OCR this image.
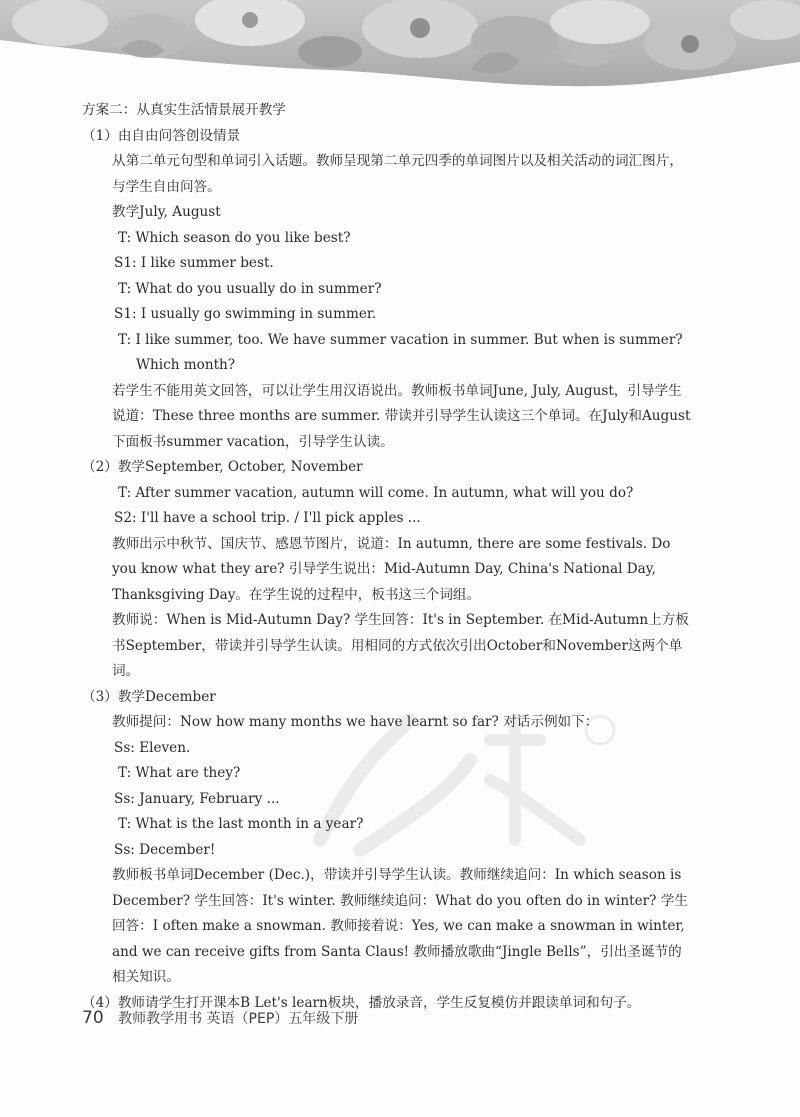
方案二：从真实生活情景展开教学

（1）由自由问答创设情景

从第二单元句型和单词引入话题。教师呈现第二单元四季的单词图片以及相关活动的词汇图片，与学生自由问答。

教学July, August

T: Which season do you like best?

S1: I like summer best.

T: What do you usually do in summer?

S1: I usually go swimming in summer.

T: I like summer, too. We have summer vacation in summer. But when is summer? Which month?

若学生不能用英文回答，可以让学生用汉语说出。教师板书单词June, July, August，引导学生说道：These three months are summer. 带读并引导学生认读这三个单词。在July和August下面板书summer vacation，引导学生认读。

（2）教学September, October, November

T: After summer vacation, autumn will come. In autumn, what will you do?

S2: I'll have a school trip. / I'll pick apples ...

教师出示中秋节、国庆节、感恩节图片，说道：In autumn, there are some festivals. Do you know what they are? 引导学生说出：Mid-Autumn Day, China's National Day, Thanksgiving Day。在学生说的过程中，板书这三个词组。

教师说：When is Mid-Autumn Day? 学生回答：It's in September. 在Mid-Autumn上方板书September，带读并引导学生认读。用相同的方式依次引出October和November这两个单词。

（3）教学December

教师提问：Now how many months we have learnt so far? 对话示例如下：

Ss: Eleven.

T: What are they?

Ss: January, February ...

T: What is the last month in a year?

Ss: December!

教师板书单词December (Dec.)，带读并引导学生认读。教师继续追问：In which season is December? 学生回答：It's winter. 教师继续追问：What do you often do in winter? 学生回答：I often make a snowman. 教师接着说：Yes, we can make a snowman in winter, and we can receive gifts from Santa Claus! 教师播放歌曲“Jingle Bells”，引出圣诞节的相关知识。

（4）教师请学生打开课本B Let's learn板块，播放录音，学生反复模仿并跟读单词和句子。

70 教师教学用书 英语（PEP）五年级下册
